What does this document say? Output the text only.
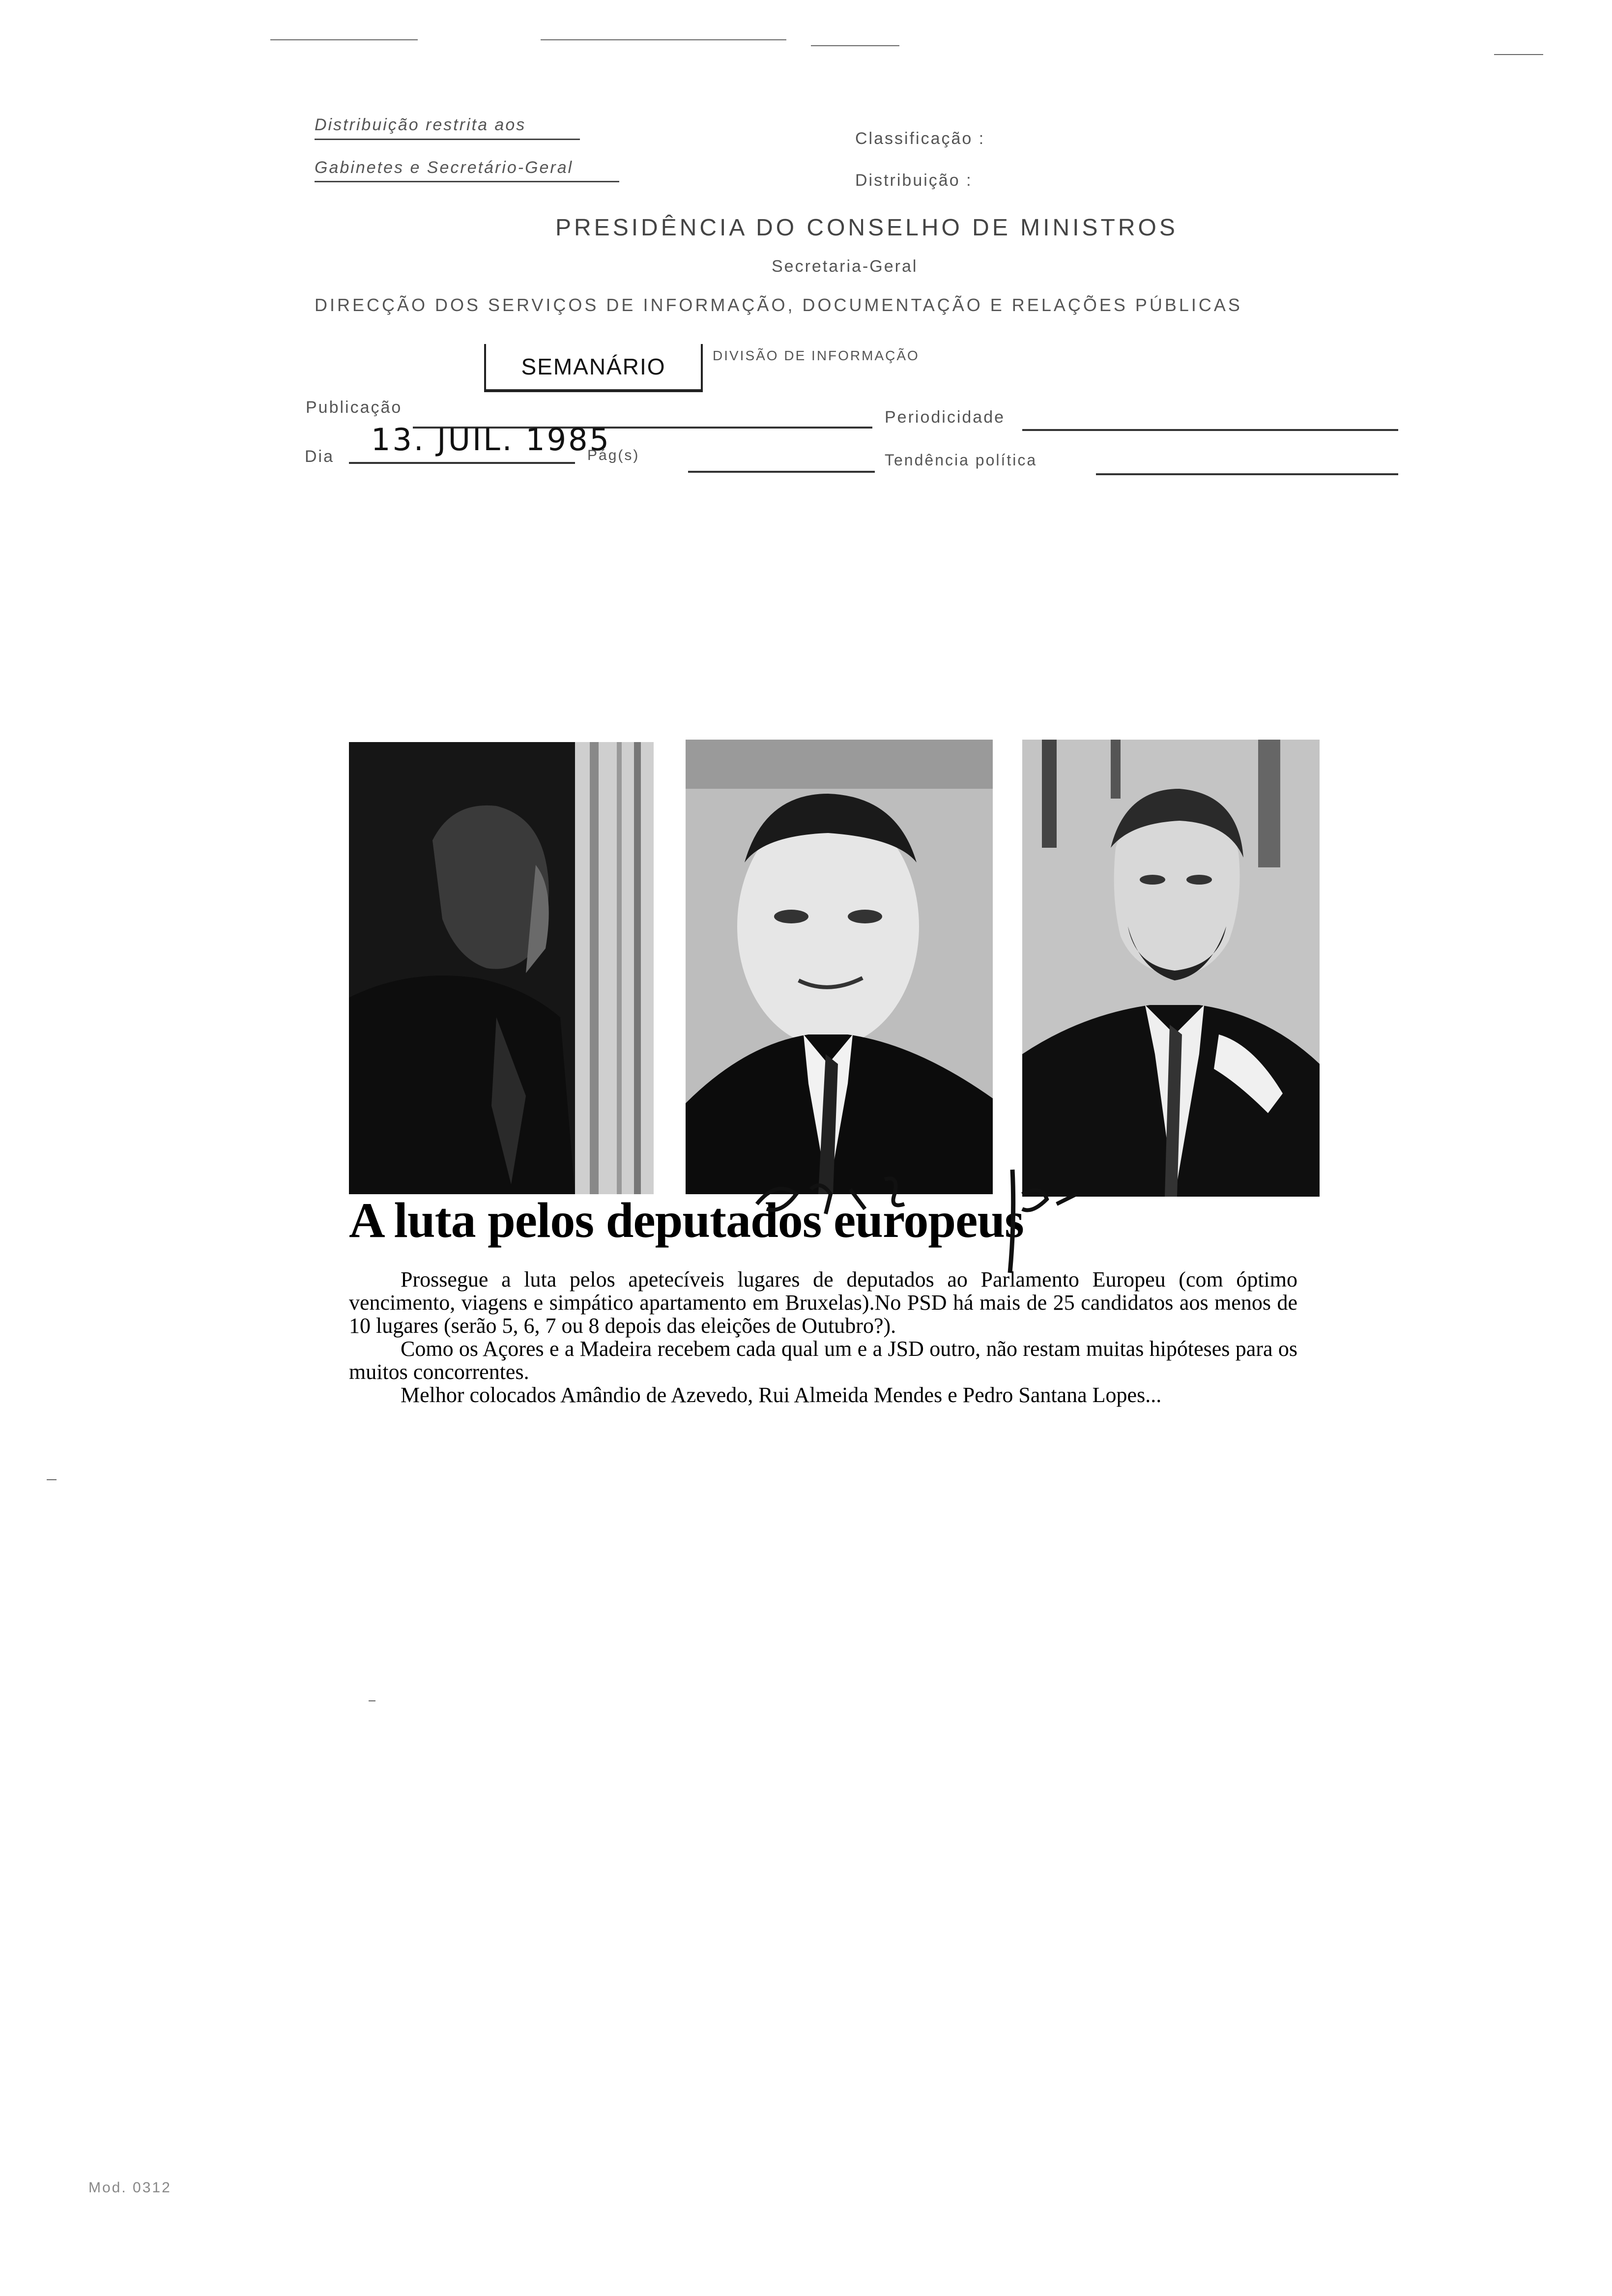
Distribuição restrita aos
Gabinetes e Secretário-Geral
Classificação :
Distribuição :
PRESIDÊNCIA DO CONSELHO DE MINISTROS
Secretaria-Geral
DIRECÇÃO DOS SERVIÇOS DE INFORMAÇÃO, DOCUMENTAÇÃO E RELAÇÕES PÚBLICAS
SEMANÁRIO	DIVISÃO DE INFORMAÇÃO
Publicação
Periodicidade
Dia 13. JUIL. 1985
Pág(s)	Tendência política
A luta pelos deputados europeus

Prossegue a luta pelos apetecíveis lugares de deputados ao Parlamento Europeu (com óptimo vencimento, viagens e simpático apartamento em Bruxelas).No PSD há mais de 25 candidatos aos menos de 10 lugares (serão 5, 6, 7 ou 8 depois das eleições de Outubro?).

Como os Açores e a Madeira recebem cada qual um e a JSD outro, não restam muitas hipóteses para os muitos concorrentes.

Melhor colocados Amândio de Azevedo, Rui Almeida Mendes e Pedro Santana Lopes...

Mod. 0312
